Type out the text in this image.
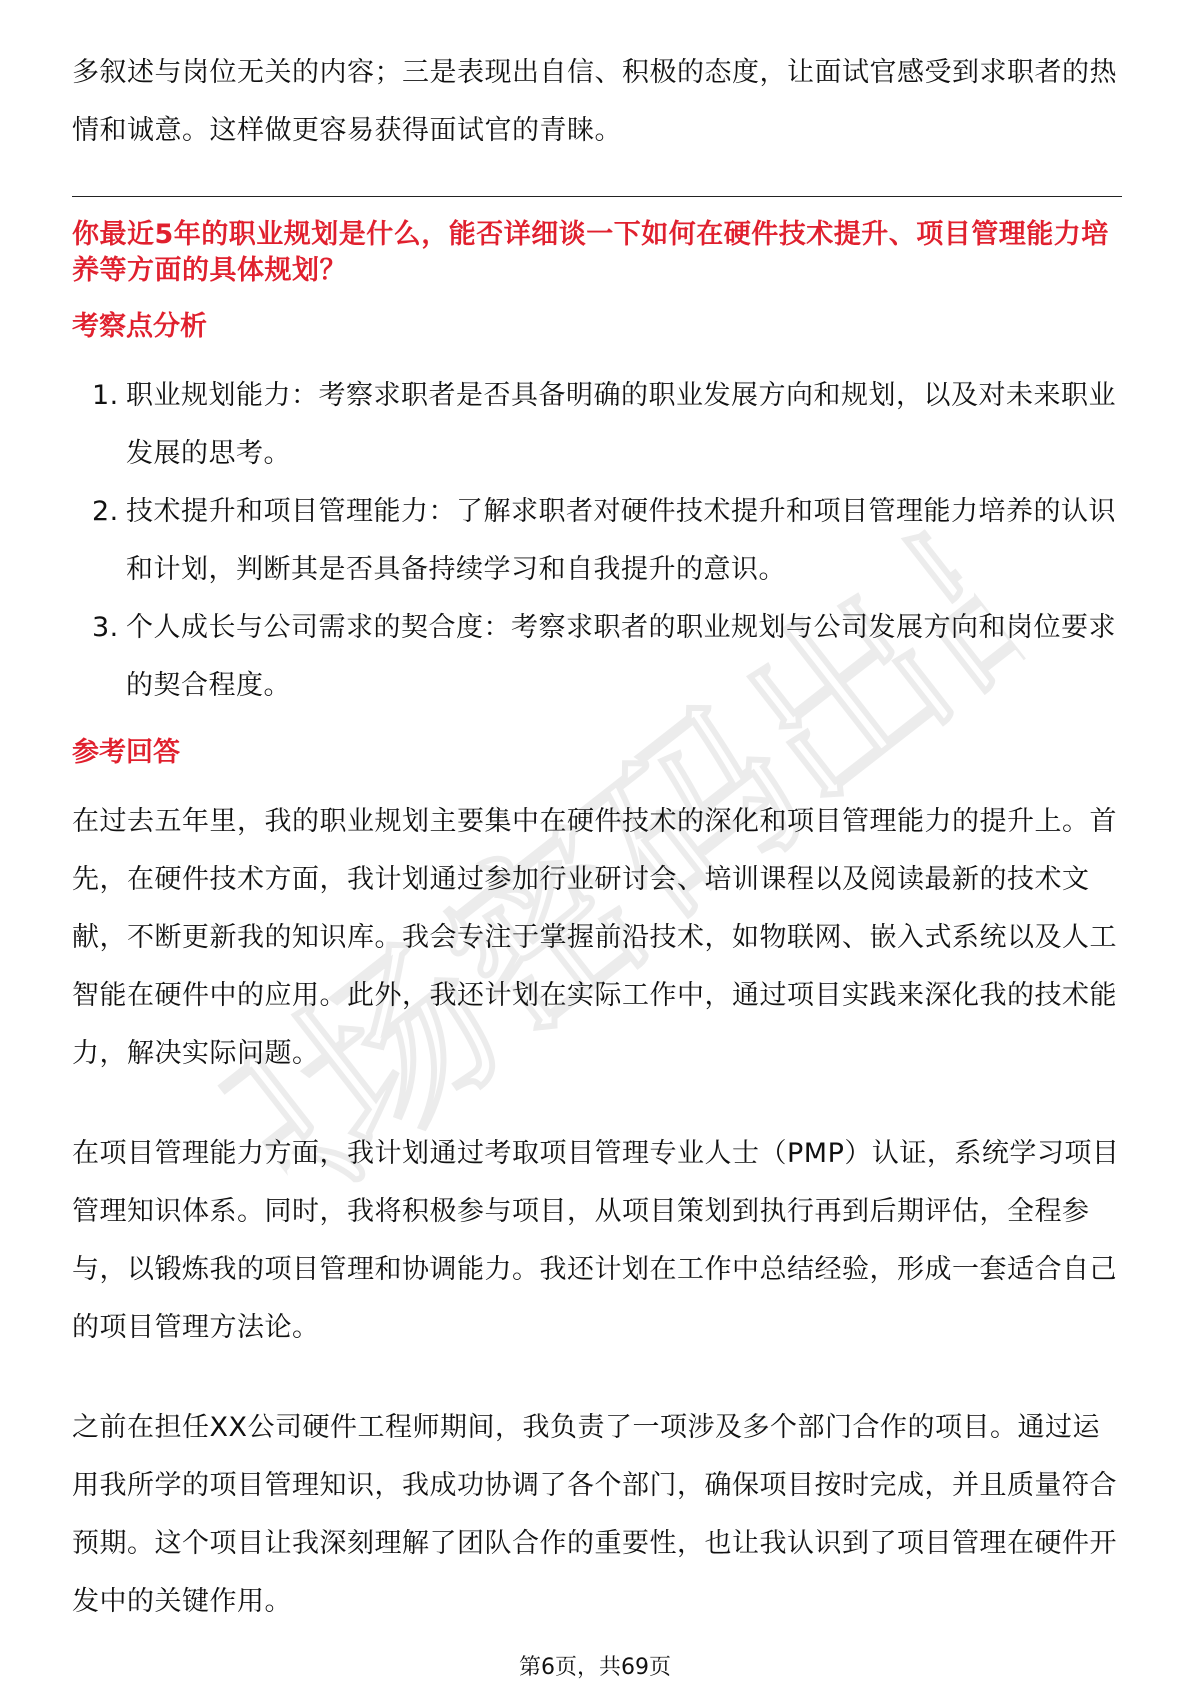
职场密码出品

多叙述与岗位无关的内容；三是表现出自信、积极的态度，让面试官感受到求职者的热情和诚意。这样做更容易获得面试官的青睐。

你最近5年的职业规划是什么，能否详细谈一下如何在硬件技术提升、项目管理能力培养等方面的具体规划？

考察点分析
1. 职业规划能力：考察求职者是否具备明确的职业发展方向和规划，以及对未来职业发展的思考。
2. 技术提升和项目管理能力：了解求职者对硬件技术提升和项目管理能力培养的认识和计划，判断其是否具备持续学习和自我提升的意识。
3. 个人成长与公司需求的契合度：考察求职者的职业规划与公司发展方向和岗位要求的契合程度。
参考回答

在过去五年里，我的职业规划主要集中在硬件技术的深化和项目管理能力的提升上。首先，在硬件技术方面，我计划通过参加行业研讨会、培训课程以及阅读最新的技术文献，不断更新我的知识库。我会专注于掌握前沿技术，如物联网、嵌入式系统以及人工智能在硬件中的应用。此外，我还计划在实际工作中，通过项目实践来深化我的技术能力，解决实际问题。

在项目管理能力方面，我计划通过考取项目管理专业人士（PMP）认证，系统学习项目管理知识体系。同时，我将积极参与项目，从项目策划到执行再到后期评估，全程参与，以锻炼我的项目管理和协调能力。我还计划在工作中总结经验，形成一套适合自己的项目管理方法论。

之前在担任XX公司硬件工程师期间，我负责了一项涉及多个部门合作的项目。通过运用我所学的项目管理知识，我成功协调了各个部门，确保项目按时完成，并且质量符合预期。这个项目让我深刻理解了团队合作的重要性，也让我认识到了项目管理在硬件开发中的关键作用。

第6页，共69页
